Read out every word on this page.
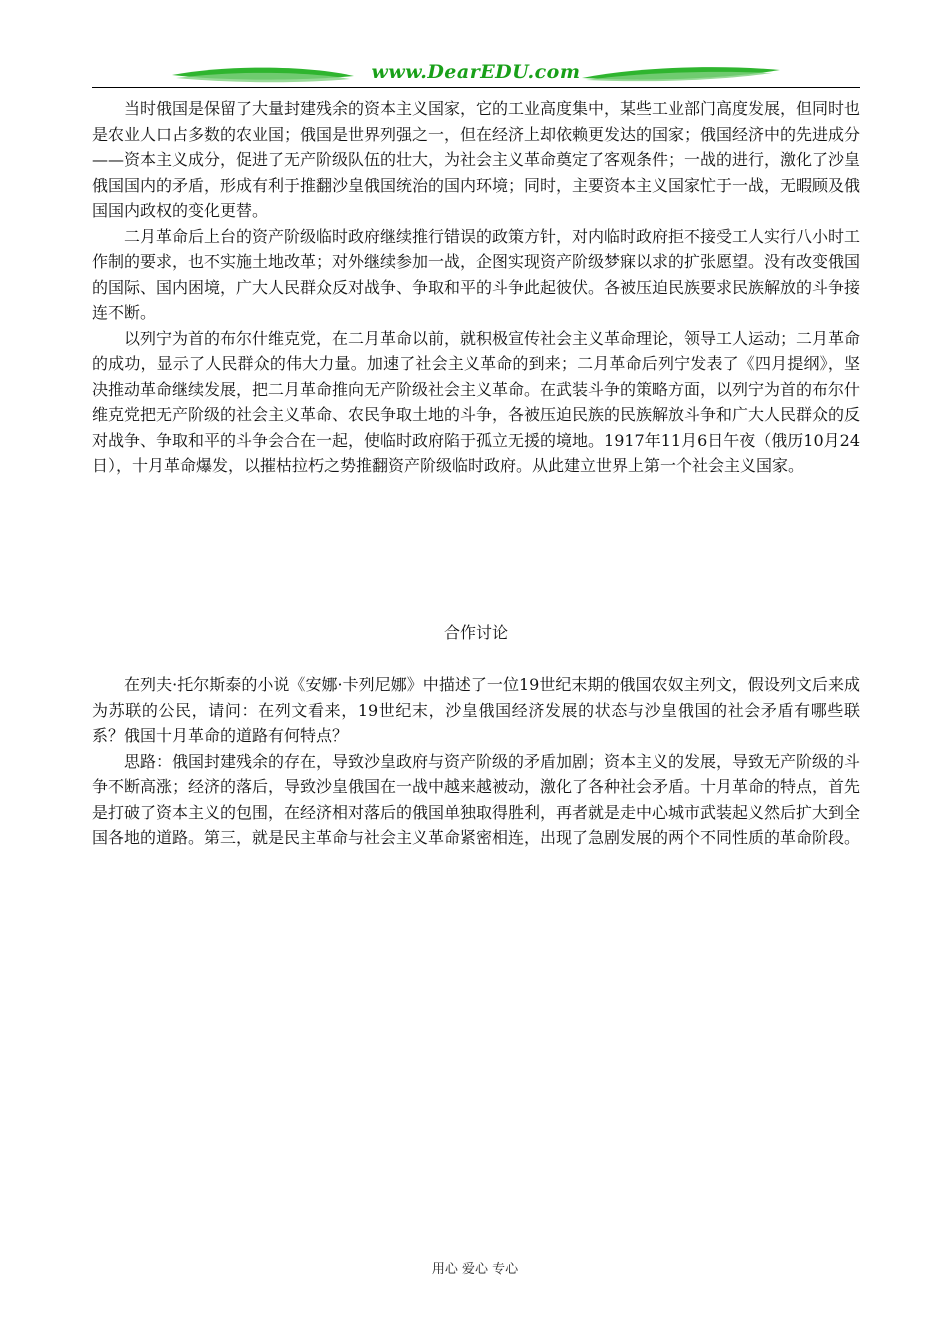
www.DearEDU.com

当时俄国是保留了大量封建残余的资本主义国家，它的工业高度集中，某些工业部门高度发展，但同时也是农业人口占多数的农业国；俄国是世界列强之一，但在经济上却依赖更发达的国家；俄国经济中的先进成分——资本主义成分，促进了无产阶级队伍的壮大，为社会主义革命奠定了客观条件；一战的进行，激化了沙皇俄国国内的矛盾，形成有利于推翻沙皇俄国统治的国内环境；同时，主要资本主义国家忙于一战，无暇顾及俄国国内政权的变化更替。

二月革命后上台的资产阶级临时政府继续推行错误的政策方针，对内临时政府拒不接受工人实行八小时工作制的要求，也不实施土地改革；对外继续参加一战，企图实现资产阶级梦寐以求的扩张愿望。没有改变俄国的国际、国内困境，广大人民群众反对战争、争取和平的斗争此起彼伏。各被压迫民族要求民族解放的斗争接连不断。

以列宁为首的布尔什维克党，在二月革命以前，就积极宣传社会主义革命理论，领导工人运动；二月革命的成功，显示了人民群众的伟大力量。加速了社会主义革命的到来；二月革命后列宁发表了《四月提纲》，坚决推动革命继续发展，把二月革命推向无产阶级社会主义革命。在武装斗争的策略方面，以列宁为首的布尔什维克党把无产阶级的社会主义革命、农民争取土地的斗争，各被压迫民族的民族解放斗争和广大人民群众的反对战争、争取和平的斗争会合在一起，使临时政府陷于孤立无援的境地。1917年11月6日午夜（俄历10月24日），十月革命爆发，以摧枯拉朽之势推翻资产阶级临时政府。从此建立世界上第一个社会主义国家。

合作讨论

在列夫·托尔斯泰的小说《安娜·卡列尼娜》中描述了一位19世纪末期的俄国农奴主列文，假设列文后来成为苏联的公民，请问：在列文看来，19世纪末，沙皇俄国经济发展的状态与沙皇俄国的社会矛盾有哪些联系？俄国十月革命的道路有何特点？

思路：俄国封建残余的存在，导致沙皇政府与资产阶级的矛盾加剧；资本主义的发展，导致无产阶级的斗争不断高涨；经济的落后，导致沙皇俄国在一战中越来越被动，激化了各种社会矛盾。十月革命的特点，首先是打破了资本主义的包围，在经济相对落后的俄国单独取得胜利，再者就是走中心城市武装起义然后扩大到全国各地的道路。第三，就是民主革命与社会主义革命紧密相连，出现了急剧发展的两个不同性质的革命阶段。

用心 爱心 专心
